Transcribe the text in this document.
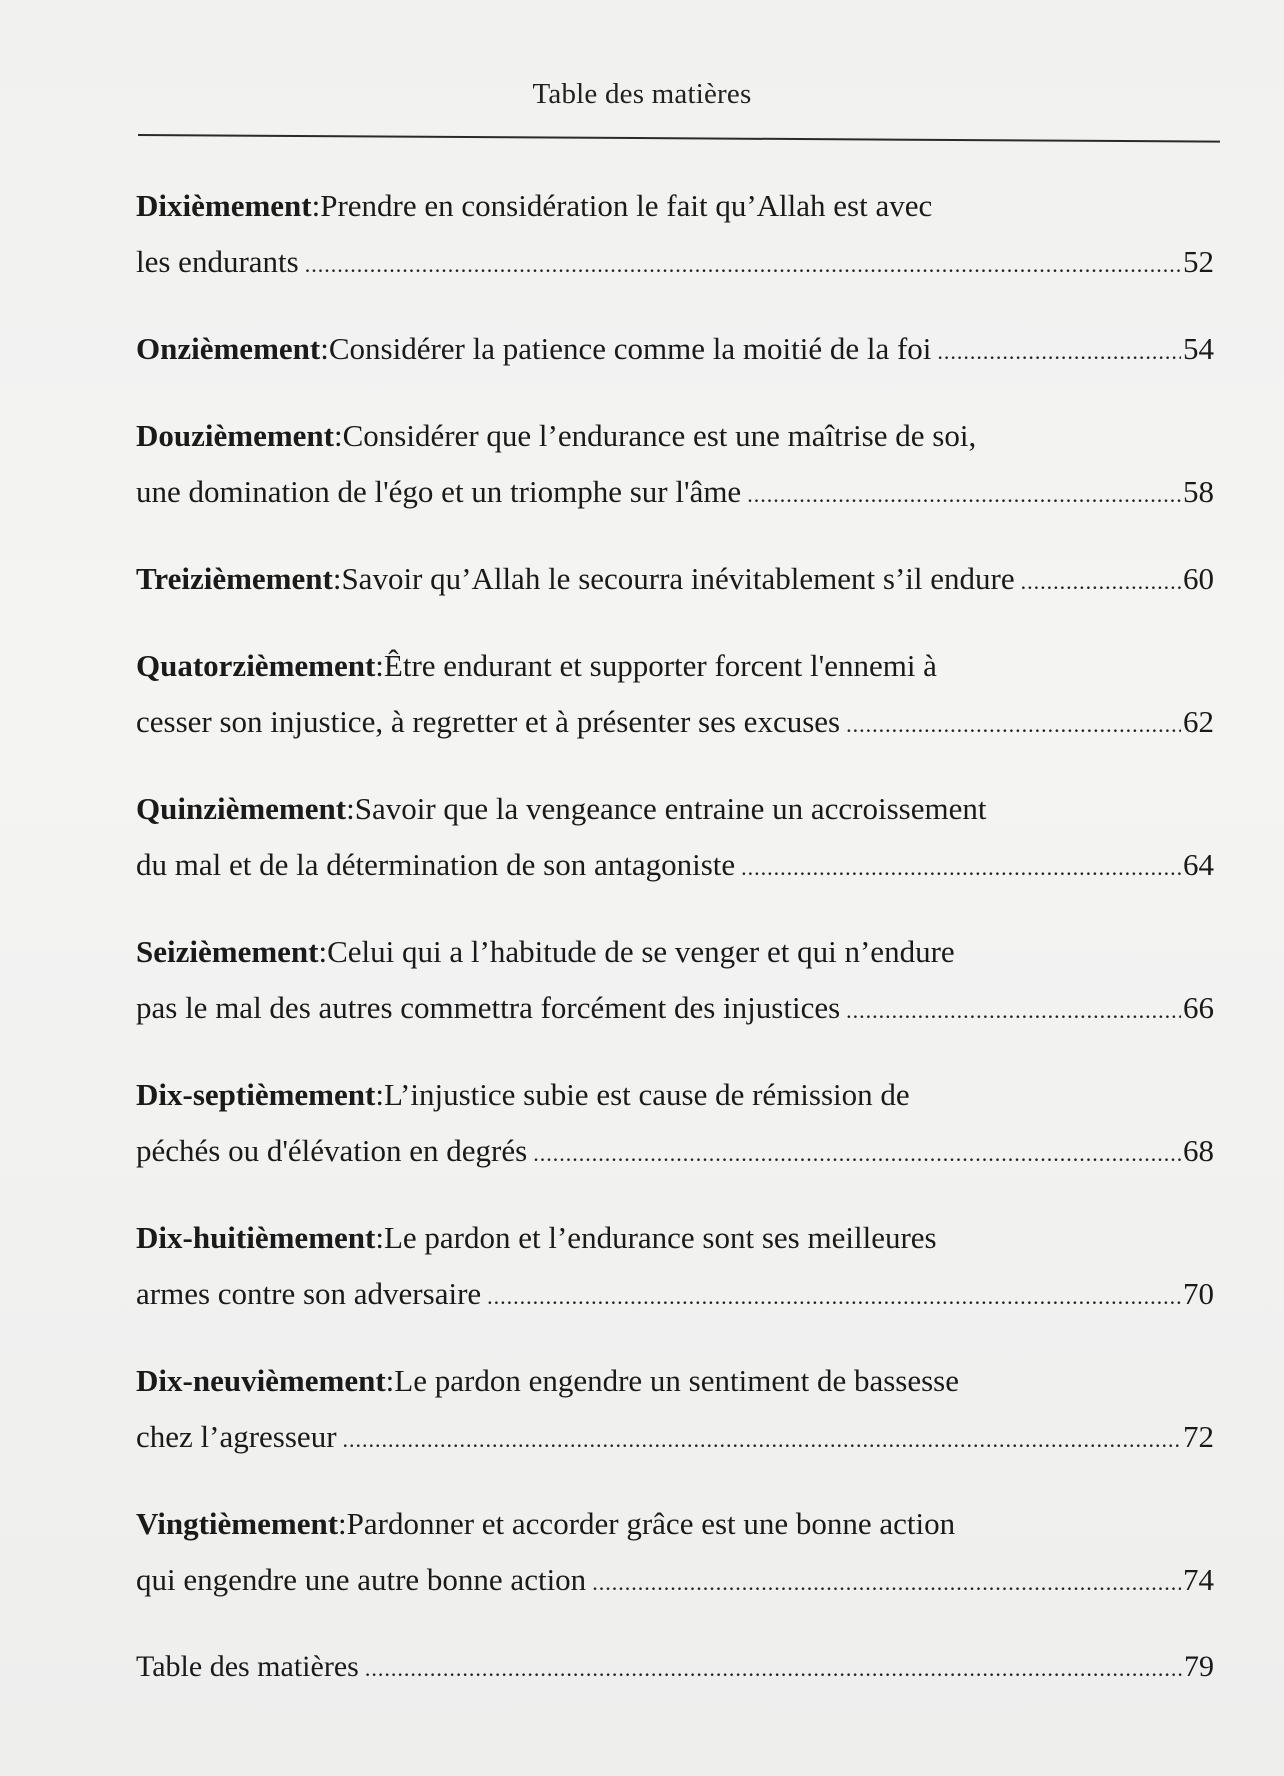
Table des matières
Dixièmement : Prendre en considération le fait qu’Allah est avec
les endurants .....	52
Onzièmement : Considérer la patience comme la moitié de la foi .....	54
Douzièmement : Considérer que l’endurance est une maîtrise de soi,
une domination de l'égo et un triomphe sur l'âme .....	58
Treizièmement : Savoir qu’Allah le secourra inévitablement s’il endure .....	60
Quatorzièmement : Être endurant et supporter forcent l'ennemi à
cesser son injustice, à regretter et à présenter ses excuses .....	62
Quinzièmement : Savoir que la vengeance entraine un accroissement
du mal et de la détermination de son antagoniste .....	64
Seizièmement : Celui qui a l’habitude de se venger et qui n’endure
pas le mal des autres commettra forcément des injustices .....	66
Dix-septièmement : L’injustice subie est cause de rémission de
péchés ou d'élévation en degrés .....	68
Dix-huitièmement : Le pardon et l’endurance sont ses meilleures
armes contre son adversaire .....	70
Dix-neuvièmement : Le pardon engendre un sentiment de bassesse
chez l’agresseur .....	72
Vingtièmement : Pardonner et accorder grâce est une bonne action
qui engendre une autre bonne action .....	74
Table des matières .....	79
